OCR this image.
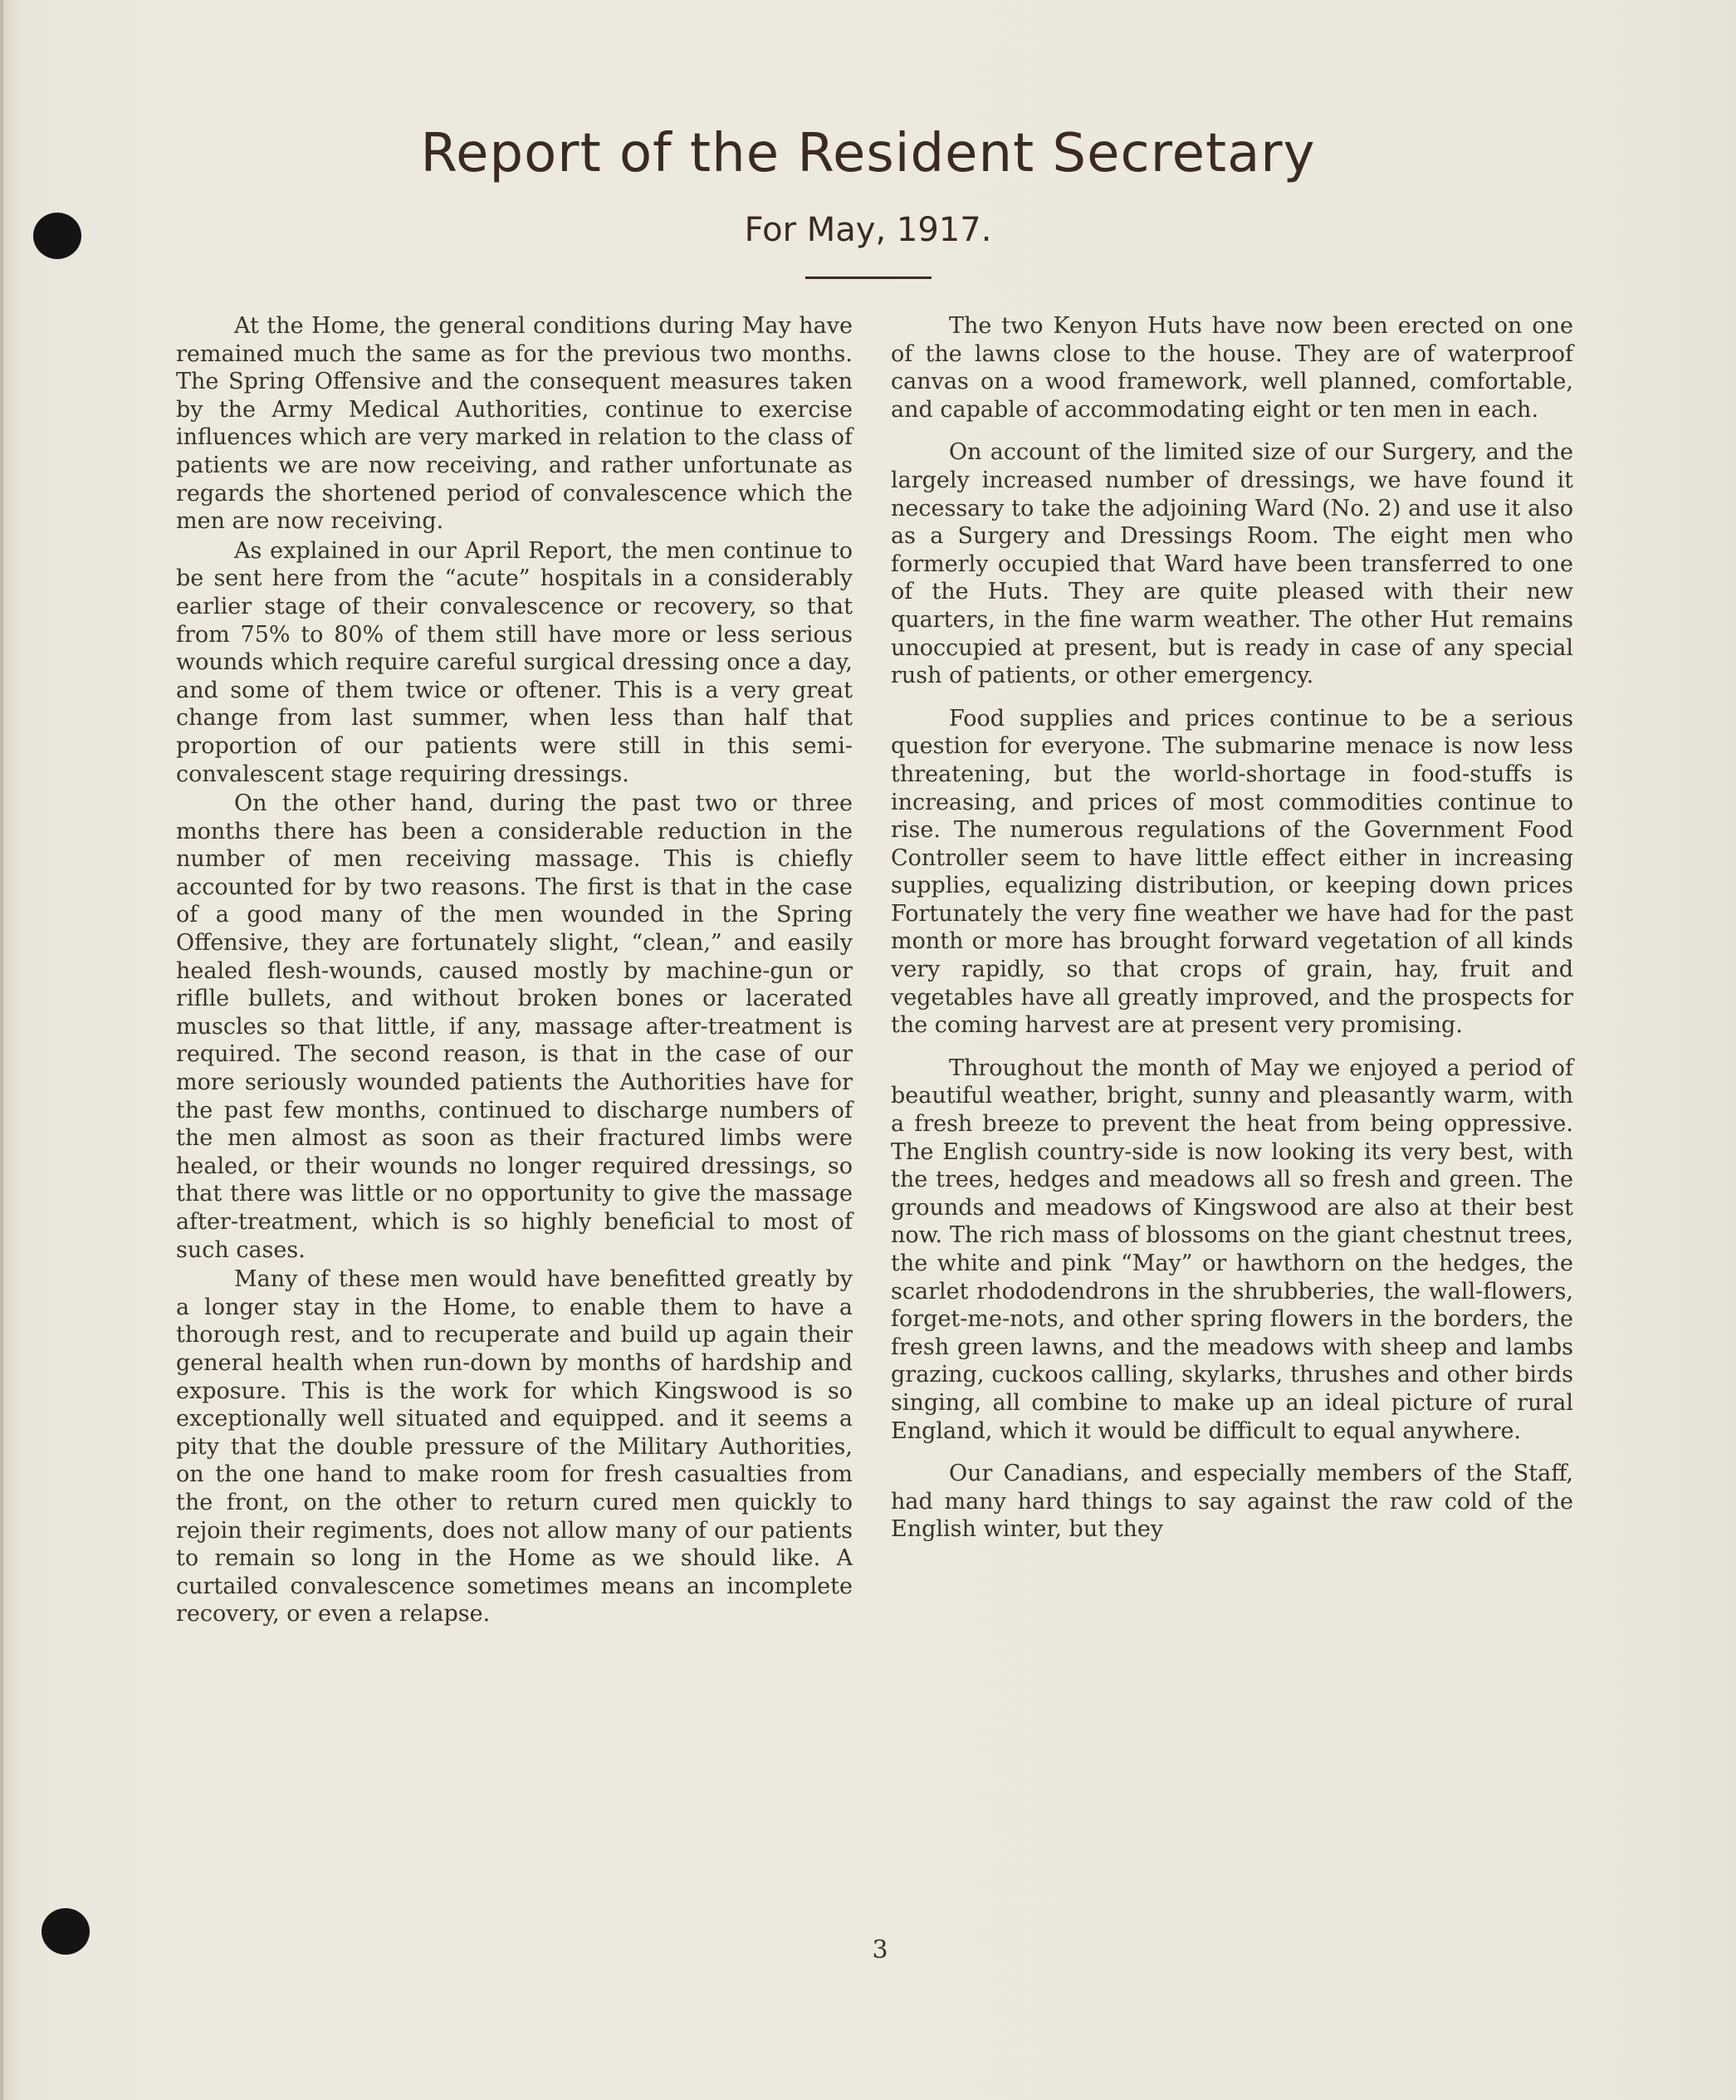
Report of the Resident Secretary
For May, 1917.

At the Home, the general conditions during May have remained much the same as for the previous two months. The Spring Offensive and the consequent measures taken by the Army Medical Authorities, continue to exercise influences which are very marked in relation to the class of patients we are now receiving, and rather unfortunate as regards the shortened period of convalescence which the men are now receiving.

As explained in our April Report, the men continue to be sent here from the “acute” hospitals in a considerably earlier stage of their convalescence or recovery, so that from 75% to 80% of them still have more or less serious wounds which require careful surgical dressing once a day, and some of them twice or oftener. This is a very great change from last summer, when less than half that proportion of our patients were still in this semi-convalescent stage requiring dressings.

On the other hand, during the past two or three months there has been a considerable reduction in the number of men receiving massage. This is chiefly accounted for by two reasons. The first is that in the case of a good many of the men wounded in the Spring Offensive, they are fortunately slight, “clean,” and easily healed flesh-wounds, caused mostly by machine-gun or riflle bullets, and without broken bones or lacerated muscles so that little, if any, massage after-treatment is required. The second reason, is that in the case of our more seriously wounded patients the Authorities have for the past few months, continued to discharge numbers of the men almost as soon as their fractured limbs were healed, or their wounds no longer required dressings, so that there was little or no opportunity to give the massage after-treatment, which is so highly beneficial to most of such cases.

Many of these men would have benefitted greatly by a longer stay in the Home, to enable them to have a thorough rest, and to recuperate and build up again their general health when run-down by months of hardship and exposure. This is the work for which Kingswood is so exceptionally well situated and equipped. and it seems a pity that the double pressure of the Military Authorities, on the one hand to make room for fresh casualties from the front, on the other to return cured men quickly to rejoin their regiments, does not allow many of our patients to remain so long in the Home as we should like. A curtailed convalescence sometimes means an incomplete recovery, or even a relapse.

The two Kenyon Huts have now been erected on one of the lawns close to the house. They are of waterproof canvas on a wood framework, well planned, comfortable, and capable of accommodating eight or ten men in each.

On account of the limited size of our Surgery, and the largely increased number of dressings, we have found it necessary to take the adjoining Ward (No. 2) and use it also as a Surgery and Dressings Room. The eight men who formerly occupied that Ward have been transferred to one of the Huts. They are quite pleased with their new quarters, in the fine warm weather. The other Hut remains unoccupied at present, but is ready in case of any special rush of patients, or other emergency.

Food supplies and prices continue to be a serious question for everyone. The submarine menace is now less threatening, but the world-shortage in food-stuffs is increasing, and prices of most commodities continue to rise. The numerous regulations of the Government Food Controller seem to have little effect either in increasing supplies, equalizing distribution, or keeping down prices Fortunately the very fine weather we have had for the past month or more has brought forward vegetation of all kinds very rapidly, so that crops of grain, hay, fruit and vegetables have all greatly improved, and the prospects for the coming harvest are at present very promising.

Throughout the month of May we enjoyed a period of beautiful weather, bright, sunny and pleasantly warm, with a fresh breeze to prevent the heat from being oppressive. The English country-side is now looking its very best, with the trees, hedges and meadows all so fresh and green. The grounds and meadows of Kingswood are also at their best now. The rich mass of blossoms on the giant chestnut trees, the white and pink “May” or hawthorn on the hedges, the scarlet rhododendrons in the shrubberies, the wall-flowers, forget-me-nots, and other spring flowers in the borders, the fresh green lawns, and the meadows with sheep and lambs grazing, cuckoos calling, skylarks, thrushes and other birds singing, all combine to make up an ideal picture of rural England, which it would be difficult to equal anywhere.

Our Canadians, and especially members of the Staff, had many hard things to say against the raw cold of the English winter, but they

3
